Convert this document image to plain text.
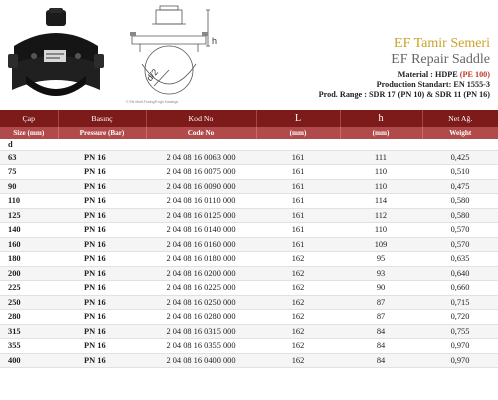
h
d/2
© Elk Multi-Fusing/Engb Katalogu
EF Tamir Semeri
EF Repair Saddle
Material : HDPE (PE 100)
Production Standart: EN 1555-3
Prod. Range : SDR 17 (PN 10) & SDR 11 (PN 16)
Çap	Basınç	Kod No	L	h	Net Ağ.
Size (mm)	Pressure (Bar)	Code No	(mm)	(mm)	Weight
d					
63	PN 16	2 04 08 16 0063 000	161	111	0,425
75	PN 16	2 04 08 16 0075 000	161	110	0,510
90	PN 16	2 04 08 16 0090 000	161	110	0,475
110	PN 16	2 04 08 16 0110 000	161	114	0,580
125	PN 16	2 04 08 16 0125 000	161	112	0,580
140	PN 16	2 04 08 16 0140 000	161	110	0,570
160	PN 16	2 04 08 16 0160 000	161	109	0,570
180	PN 16	2 04 08 16 0180 000	162	95	0,635
200	PN 16	2 04 08 16 0200 000	162	93	0,640
225	PN 16	2 04 08 16 0225 000	162	90	0,660
250	PN 16	2 04 08 16 0250 000	162	87	0,715
280	PN 16	2 04 08 16 0280 000	162	87	0,720
315	PN 16	2 04 08 16 0315 000	162	84	0,755
355	PN 16	2 04 08 16 0355 000	162	84	0,970
400	PN 16	2 04 08 16 0400 000	162	84	0,970
